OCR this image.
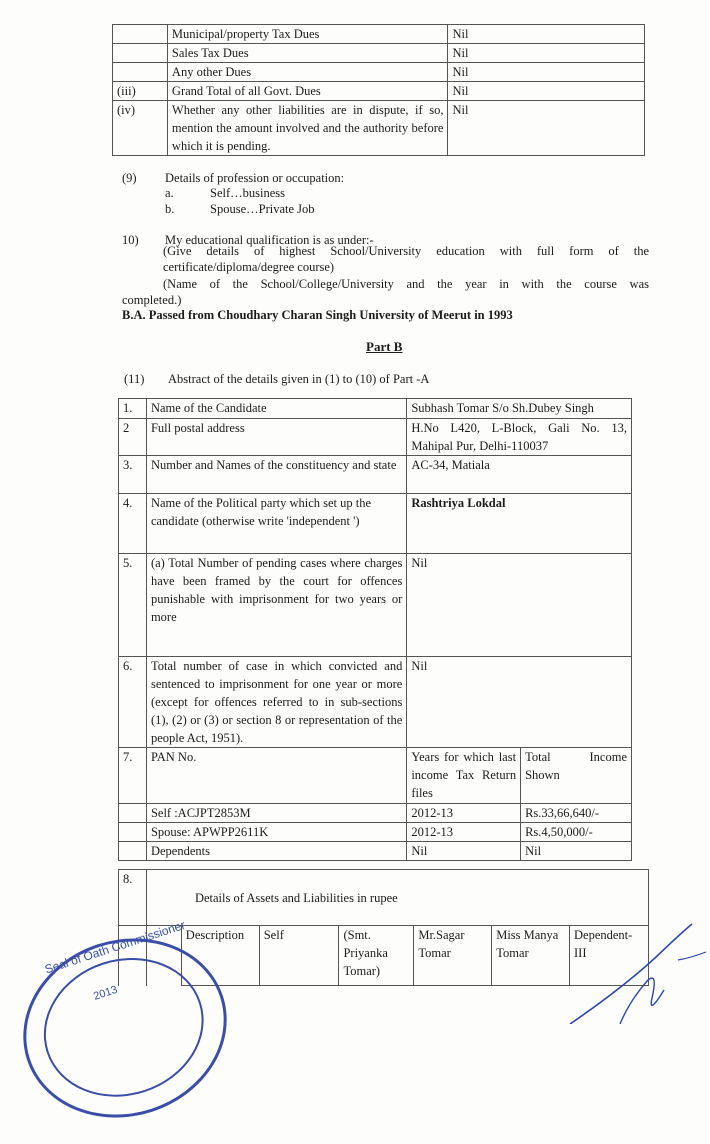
	Municipal/property Tax Dues	Nil
	Sales Tax Dues	Nil
	Any other Dues	Nil
(iii)	Grand Total of all Govt. Dues	Nil
(iv)	Whether any other liabilities are in dispute, if so, mention the amount involved and the authority before which it is pending.	Nil
(9) Details of profession or occupation:
a.	Self…business
b.	Spouse…Private Job
10) My educational qualification is as under:-
(Give details of highest School/University education with full form of the certificate/diploma/degree course)
(Name of the School/College/University and the year in with the course was
completed.)
B.A. Passed from Choudhary Charan Singh University of Meerut in 1993
Part B
(11) Abstract of the details given in (1) to (10) of Part -A
1.	Name of the Candidate	Subhash Tomar S/o Sh.Dubey Singh	
2	Full postal address	H.No L420, L-Block, Gali No. 13, Mahipal Pur, Delhi-110037	
3.	Number and Names of the constituency and state	AC-34, Matiala	
4.	Name of the Political party which set up the candidate (otherwise write 'independent ')	Rashtriya Lokdal	
5.	(a) Total Number of pending cases where charges have been framed by the court for offences punishable with imprisonment for two years or more	Nil	
6.	Total number of case in which convicted and sentenced to imprisonment for one year or more (except for offences referred to in sub-sections (1), (2) or (3) or section 8 or representation of the people Act, 1951).	Nil	
7.	PAN No.	Years for which last income Tax Return files	Total Income Shown
	Self :ACJPT2853M	2012-13	Rs.33,66,640/-
	Spouse: APWPP2611K	2012-13	Rs.4,50,000/-
	Dependents	Nil	Nil
8.	Details of Assets and Liabilities in rupee						
		Description	Self	(Smt. Priyanka Tomar)	Mr.Sagar Tomar	Miss Manya Tomar	Dependent-III
Seal of Oath Commissioner
2013
